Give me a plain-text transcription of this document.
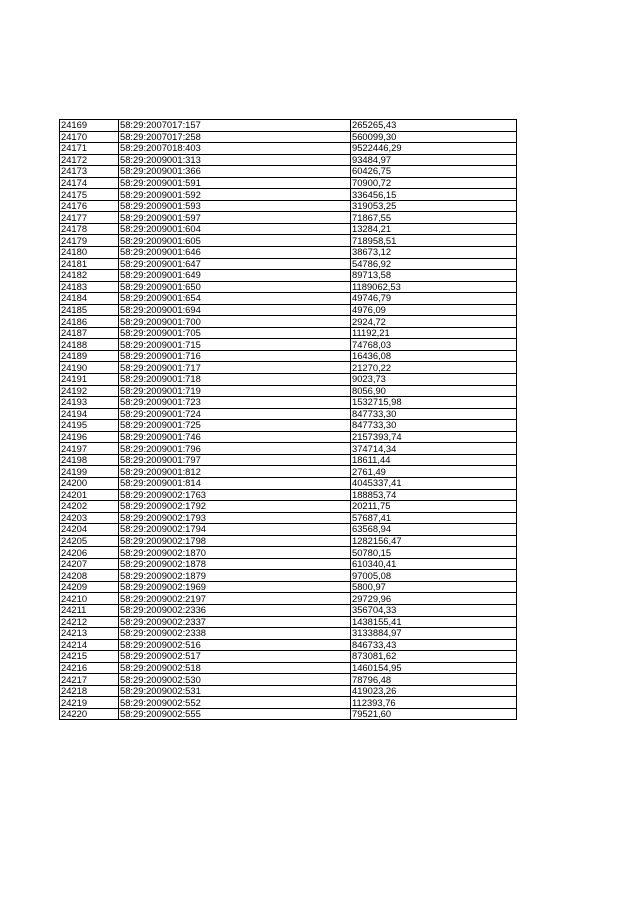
24169	58:29:2007017:157	265265,43
24170	58:29:2007017:258	560099,30
24171	58:29:2007018:403	9522446,29
24172	58:29:2009001:313	93484,97
24173	58:29:2009001:366	60426,75
24174	58:29:2009001:591	70900,72
24175	58:29:2009001:592	336456,15
24176	58:29:2009001:593	319053,25
24177	58:29:2009001:597	71867,55
24178	58:29:2009001:604	13284,21
24179	58:29:2009001:605	718958,51
24180	58:29:2009001:646	38673,12
24181	58:29:2009001:647	54786,92
24182	58:29:2009001:649	89713,58
24183	58:29:2009001:650	1189062,53
24184	58:29:2009001:654	49746,79
24185	58:29:2009001:694	4976,09
24186	58:29:2009001:700	2924,72
24187	58:29:2009001:705	11192,21
24188	58:29:2009001:715	74768,03
24189	58:29:2009001:716	16436,08
24190	58:29:2009001:717	21270,22
24191	58:29:2009001:718	9023,73
24192	58:29:2009001:719	8056,90
24193	58:29:2009001:723	1532715,98
24194	58:29:2009001:724	847733,30
24195	58:29:2009001:725	847733,30
24196	58:29:2009001:746	2157393,74
24197	58:29:2009001:796	374714,34
24198	58:29:2009001:797	18611,44
24199	58:29:2009001:812	2761,49
24200	58:29:2009001:814	4045337,41
24201	58:29:2009002:1763	188853,74
24202	58:29:2009002:1792	20211,75
24203	58:29:2009002:1793	57687,41
24204	58:29:2009002:1794	63568,94
24205	58:29:2009002:1798	1282156,47
24206	58:29:2009002:1870	50780,15
24207	58:29:2009002:1878	610340,41
24208	58:29:2009002:1879	97005,08
24209	58:29:2009002:1969	5800,97
24210	58:29:2009002:2197	29729,96
24211	58:29:2009002:2336	356704,33
24212	58:29:2009002:2337	1438155,41
24213	58:29:2009002:2338	3133884,97
24214	58:29:2009002:516	846733,43
24215	58:29:2009002:517	873081,62
24216	58:29:2009002:518	1460154,95
24217	58:29:2009002:530	78796,48
24218	58:29:2009002:531	419023,26
24219	58:29:2009002:552	112393,76
24220	58:29:2009002:555	79521,60
